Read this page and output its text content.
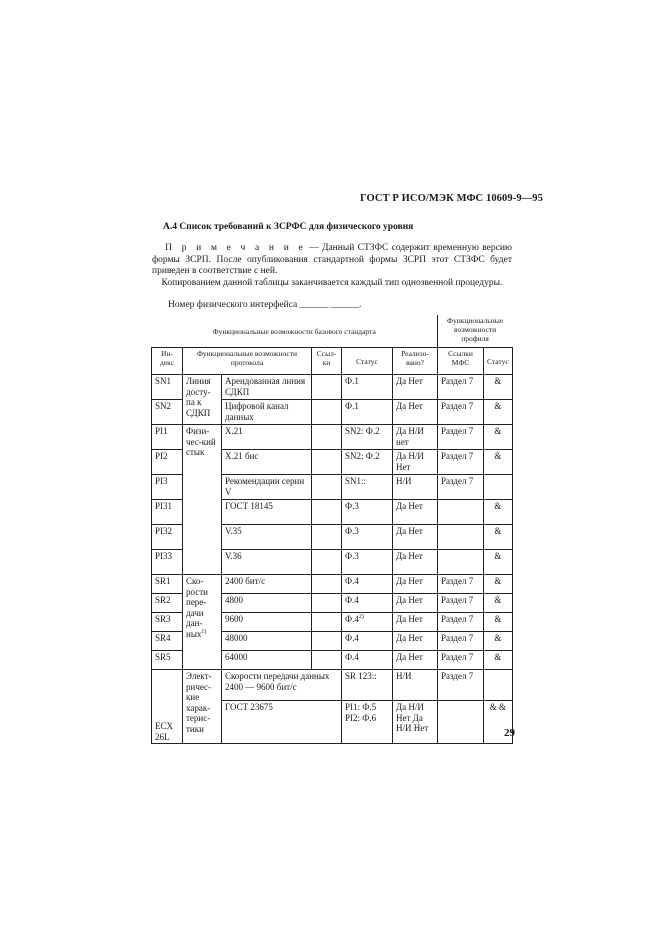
ГОСТ Р ИСО/МЭК МФС 10609-9—95
А.4 Список требований к ЗСРФС для физического уровня
П р и м е ч а н и е — Данный СТЗФС содержит временную версию формы ЗСРП. После опубликования стандартной формы ЗСРП этот СТЗФС будет приведен в соответствие с ней.
Копированием данной таблицы заканчивается каждый тип однозвенной процедуры.
Номер физического интерфейса ______ ______.
Функциональные возможности базового стандарта						Функциональные возможности профиля	
Ин-декс	Функциональные возможности протокола		Ссыл-ки	Статус	Реализо-вано?	Ссылки МФС	Статус
SN1	Линия досту-па к СДКП	Арендованная линия СДКП		Ф.1	Да Нет	Раздел 7	&
SN2		Цифровой канал данных		Ф.1	Да Нет	Раздел 7	&
PI1	Физи-чес-кий стык	X.21		SN2: Ф.2	Да Н/И нет	Раздел 7	&
PI2		X.21 бис		SN2: Ф.2	Да Н/И Нет	Раздел 7	&
PI3		Рекомендации серии V		SN1::	Н/И	Раздел 7	
PI31		ГОСТ 18145		Ф.3	Да Нет		&
PI32		V.35		Ф.3	Да Нет		&
PI33		V.36		Ф.3	Да Нет		&
SR1	Ско-рости пере-дачи дан-ных$^{1)}$	2400 бит/с		Ф.4	Да Нет	Раздел 7	&
SR2		4800		Ф.4	Да Нет	Раздел 7	&
SR3		9600		Ф.4$^{2)}$	Да Нет	Раздел 7	&
SR4		48000		Ф.4	Да Нет	Раздел 7	&
SR5		64000		Ф.4	Да Нет	Раздел 7	&
ECX 26L	Элект-ричес-кие харак-терис-тики	Скорости передачи данных 2400 — 9600 бит/с		SR 123::	Н/И	Раздел 7	
		ГОСТ 23675		PI1: Ф.5 PI2: Ф.6	Да Н/И Нет Да Н/И Нет		& &
29
